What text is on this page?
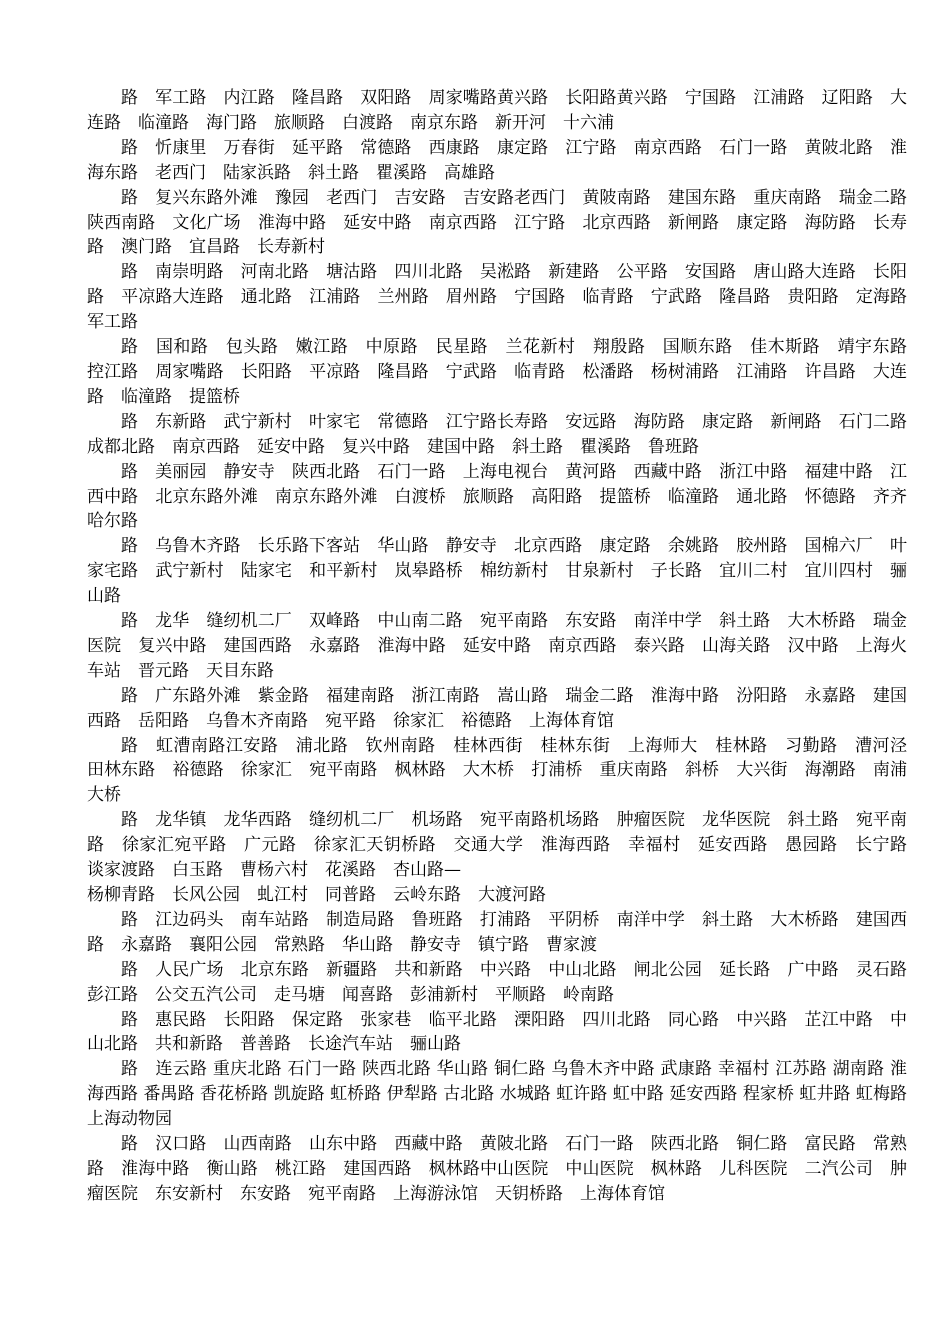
路　军工路　内江路　隆昌路　双阳路　周家嘴路黄兴路　长阳路黄兴路　宁国路　江浦路　辽阳路　大连路　临潼路　海门路　旅顺路　白渡路　南京东路　新开河　十六浦

路　忻康里　万春街　延平路　常德路　西康路　康定路　江宁路　南京西路　石门一路　黄陂北路　淮海东路　老西门　陆家浜路　斜土路　瞿溪路　高雄路

路　复兴东路外滩　豫园　老西门　吉安路　吉安路老西门　黄陂南路　建国东路　重庆南路　瑞金二路　陕西南路　文化广场　淮海中路　延安中路　南京西路　江宁路　北京西路　新闸路　康定路　海防路　长寿路　澳门路　宜昌路　长寿新村

路　南崇明路　河南北路　塘沽路　四川北路　吴淞路　新建路　公平路　安国路　唐山路大连路　长阳路　平凉路大连路　通北路　江浦路　兰州路　眉州路　宁国路　临青路　宁武路　隆昌路　贵阳路　定海路　军工路

路　国和路　包头路　嫩江路　中原路　民星路　兰花新村　翔殷路　国顺东路　佳木斯路　靖宇东路　控江路　周家嘴路　长阳路　平凉路　隆昌路　宁武路　临青路　松潘路　杨树浦路　江浦路　许昌路　大连路　临潼路　提篮桥

路　东新路　武宁新村　叶家宅　常德路　江宁路长寿路　安远路　海防路　康定路　新闸路　石门二路　成都北路　南京西路　延安中路　复兴中路　建国中路　斜土路　瞿溪路　鲁班路

路　美丽园　静安寺　陕西北路　石门一路　上海电视台　黄河路　西藏中路　浙江中路　福建中路　江西中路　北京东路外滩　南京东路外滩　白渡桥　旅顺路　高阳路　提篮桥　临潼路　通北路　怀德路　齐齐哈尔路

路　乌鲁木齐路　长乐路下客站　华山路　静安寺　北京西路　康定路　余姚路　胶州路　国棉六厂　叶家宅路　武宁新村　陆家宅　和平新村　岚皋路桥　棉纺新村　甘泉新村　子长路　宜川二村　宜川四村　骊山路

路　龙华　缝纫机二厂　双峰路　中山南二路　宛平南路　东安路　南洋中学　斜土路　大木桥路　瑞金医院　复兴中路　建国西路　永嘉路　淮海中路　延安中路　南京西路　泰兴路　山海关路　汉中路　上海火车站　晋元路　天目东路

路　广东路外滩　紫金路　福建南路　浙江南路　嵩山路　瑞金二路　淮海中路　汾阳路　永嘉路　建国西路　岳阳路　乌鲁木齐南路　宛平路　徐家汇　裕德路　上海体育馆

路　虹漕南路江安路　浦北路　钦州南路　桂林西街　桂林东街　上海师大　桂林路　习勤路　漕河泾　田林东路　裕德路　徐家汇　宛平南路　枫林路　大木桥　打浦桥　重庆南路　斜桥　大兴街　海潮路　南浦大桥

路　龙华镇　龙华西路　缝纫机二厂　机场路　宛平南路机场路　肿瘤医院　龙华医院　斜土路　宛平南路　徐家汇宛平路　广元路　徐家汇天钥桥路　交通大学　淮海西路　幸福村　延安西路　愚园路　长宁路　谈家渡路　白玉路　曹杨六村　花溪路　杏山路—

杨柳青路　长风公园　虬江村　同普路　云岭东路　大渡河路

路　江边码头　南车站路　制造局路　鲁班路　打浦路　平阴桥　南洋中学　斜土路　大木桥路　建国西路　永嘉路　襄阳公园　常熟路　华山路　静安寺　镇宁路　曹家渡

路　人民广场　北京东路　新疆路　共和新路　中兴路　中山北路　闸北公园　延长路　广中路　灵石路　彭江路　公交五汽公司　走马塘　闻喜路　彭浦新村　平顺路　岭南路

路　惠民路　长阳路　保定路　张家巷　临平北路　溧阳路　四川北路　同心路　中兴路　芷江中路　中山北路　共和新路　普善路　长途汽车站　骊山路

路　连云路 重庆北路 石门一路 陕西北路 华山路 铜仁路 乌鲁木齐中路 武康路 幸福村 江苏路 湖南路 淮海西路 番禺路 香花桥路 凯旋路 虹桥路 伊犁路 古北路 水城路 虹许路 虹中路 延安西路 程家桥 虹井路 虹梅路 上海动物园

路　汉口路　山西南路　山东中路　西藏中路　黄陂北路　石门一路　陕西北路　铜仁路　富民路　常熟路　淮海中路　衡山路　桃江路　建国西路　枫林路中山医院　中山医院　枫林路　儿科医院　二汽公司　肿瘤医院　东安新村　东安路　宛平南路　上海游泳馆　天钥桥路　上海体育馆
